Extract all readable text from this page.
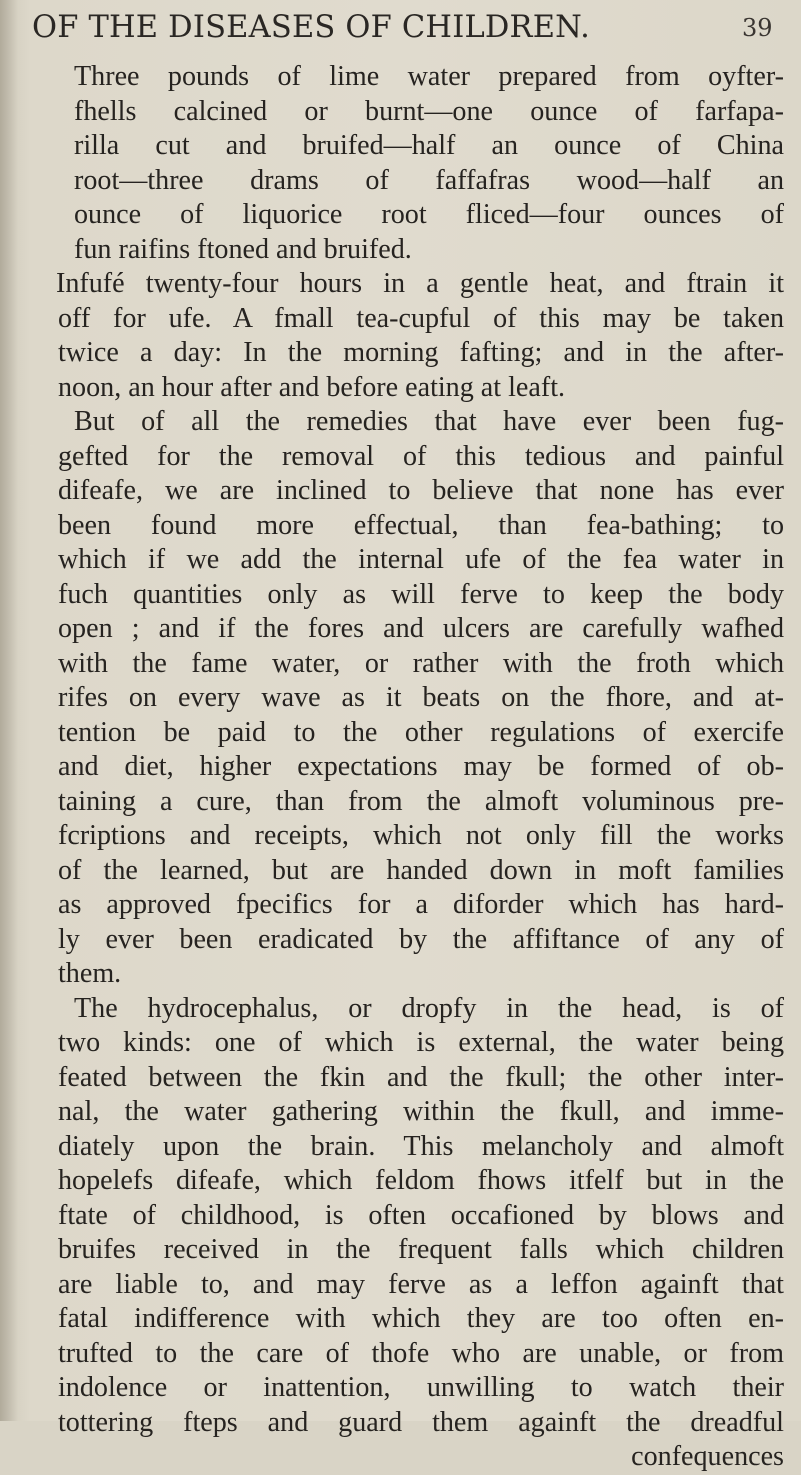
OF THE DISEASES OF CHILDREN.	39
Three pounds of lime water prepared from oyfter-
fhells calcined or burnt—one ounce of farfapa-
rilla cut and bruifed—half an ounce of China
root—three drams of faffafras wood—half an
ounce of liquorice root fliced—four ounces of
fun raifins ftoned and bruifed.
Infufé twenty-four hours in a gentle heat, and ftrain it
off for ufe. A fmall tea-cupful of this may be taken
twice a day: In the morning fafting; and in the after-
noon, an hour after and before eating at leaft.
But of all the remedies that have ever been fug-
gefted for the removal of this tedious and painful
difeafe, we are inclined to believe that none has ever
been found more effectual, than fea-bathing; to
which if we add the internal ufe of the fea water in
fuch quantities only as will ferve to keep the body
open ; and if the fores and ulcers are carefully wafhed
with the fame water, or rather with the froth which
rifes on every wave as it beats on the fhore, and at-
tention be paid to the other regulations of exercife
and diet, higher expectations may be formed of ob-
taining a cure, than from the almoft voluminous pre-
fcriptions and receipts, which not only fill the works
of the learned, but are handed down in moft families
as approved fpecifics for a diforder which has hard-
ly ever been eradicated by the affiftance of any of
them.
The hydrocephalus, or dropfy in the head, is of
two kinds: one of which is external, the water being
feated between the fkin and the fkull; the other inter-
nal, the water gathering within the fkull, and imme-
diately upon the brain. This melancholy and almoft
hopelefs difeafe, which feldom fhows itfelf but in the
ftate of childhood, is often occafioned by blows and
bruifes received in the frequent falls which children
are liable to, and may ferve as a leffon againft that
fatal indifference with which they are too often en-
trufted to the care of thofe who are unable, or from
indolence or inattention, unwilling to watch their
tottering fteps and guard them againft the dreadful
confequences
